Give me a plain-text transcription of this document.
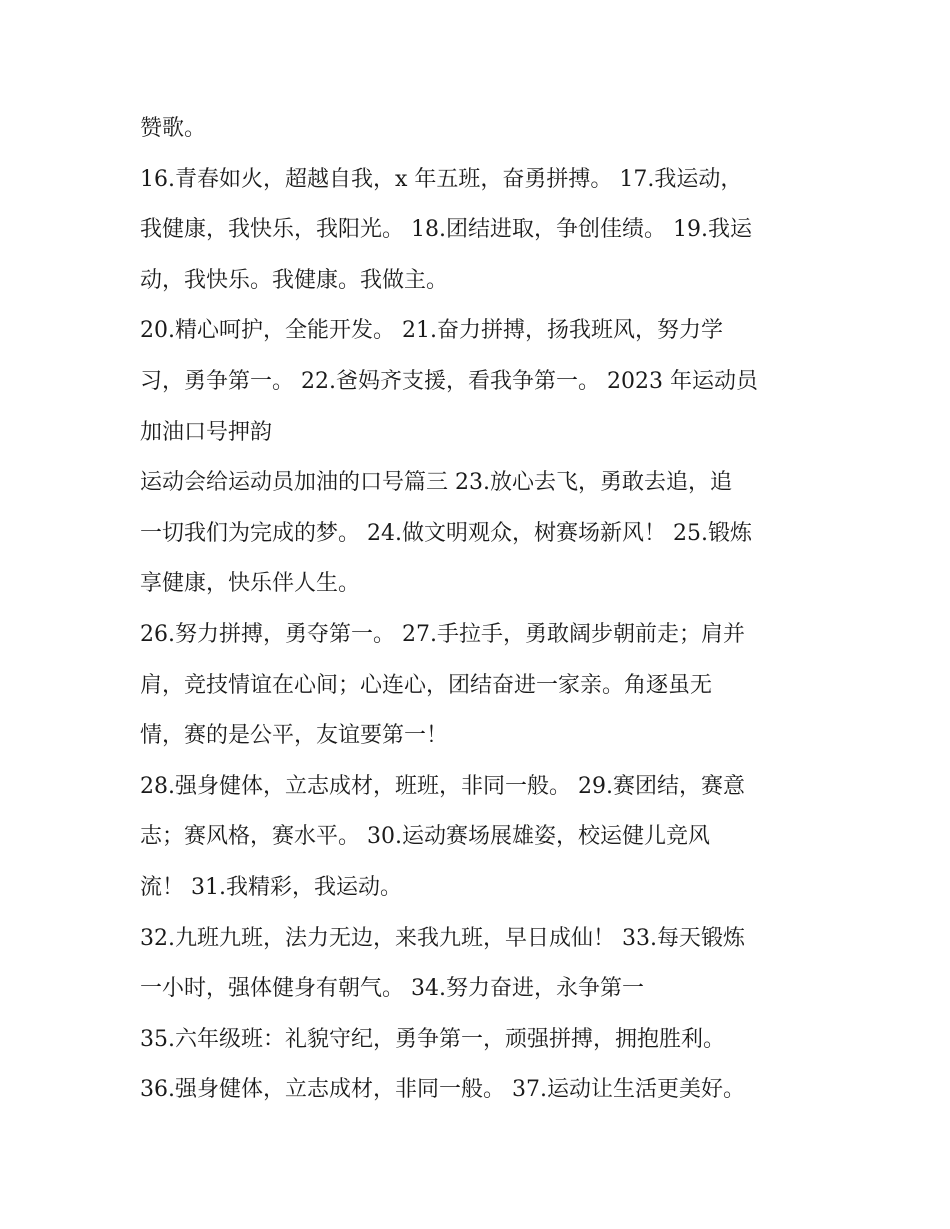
赞歌。

16.青春如火，超越自我，x 年五班，奋勇拼搏。 17.我运动，

我健康，我快乐，我阳光。 18.团结进取，争创佳绩。 19.我运

动，我快乐。我健康。我做主。

20.精心呵护，全能开发。 21.奋力拼搏，扬我班风，努力学

习，勇争第一。 22.爸妈齐支援，看我争第一。 2023 年运动员

加油口号押韵

运动会给运动员加油的口号篇三 23.放心去飞，勇敢去追，追

一切我们为完成的梦。 24.做文明观众，树赛场新风！ 25.锻炼

享健康，快乐伴人生。

26.努力拼搏，勇夺第一。 27.手拉手，勇敢阔步朝前走；肩并

肩，竞技情谊在心间；心连心，团结奋进一家亲。角逐虽无

情，赛的是公平，友谊要第一！

28.强身健体，立志成材，班班，非同一般。 29.赛团结，赛意

志；赛风格，赛水平。 30.运动赛场展雄姿，校运健儿竞风

流！ 31.我精彩，我运动。

32.九班九班，法力无边，来我九班，早日成仙！ 33.每天锻炼

一小时，强体健身有朝气。 34.努力奋进，永争第一

35.六年级班：礼貌守纪，勇争第一，顽强拼搏，拥抱胜利。

36.强身健体，立志成材，非同一般。 37.运动让生活更美好。
